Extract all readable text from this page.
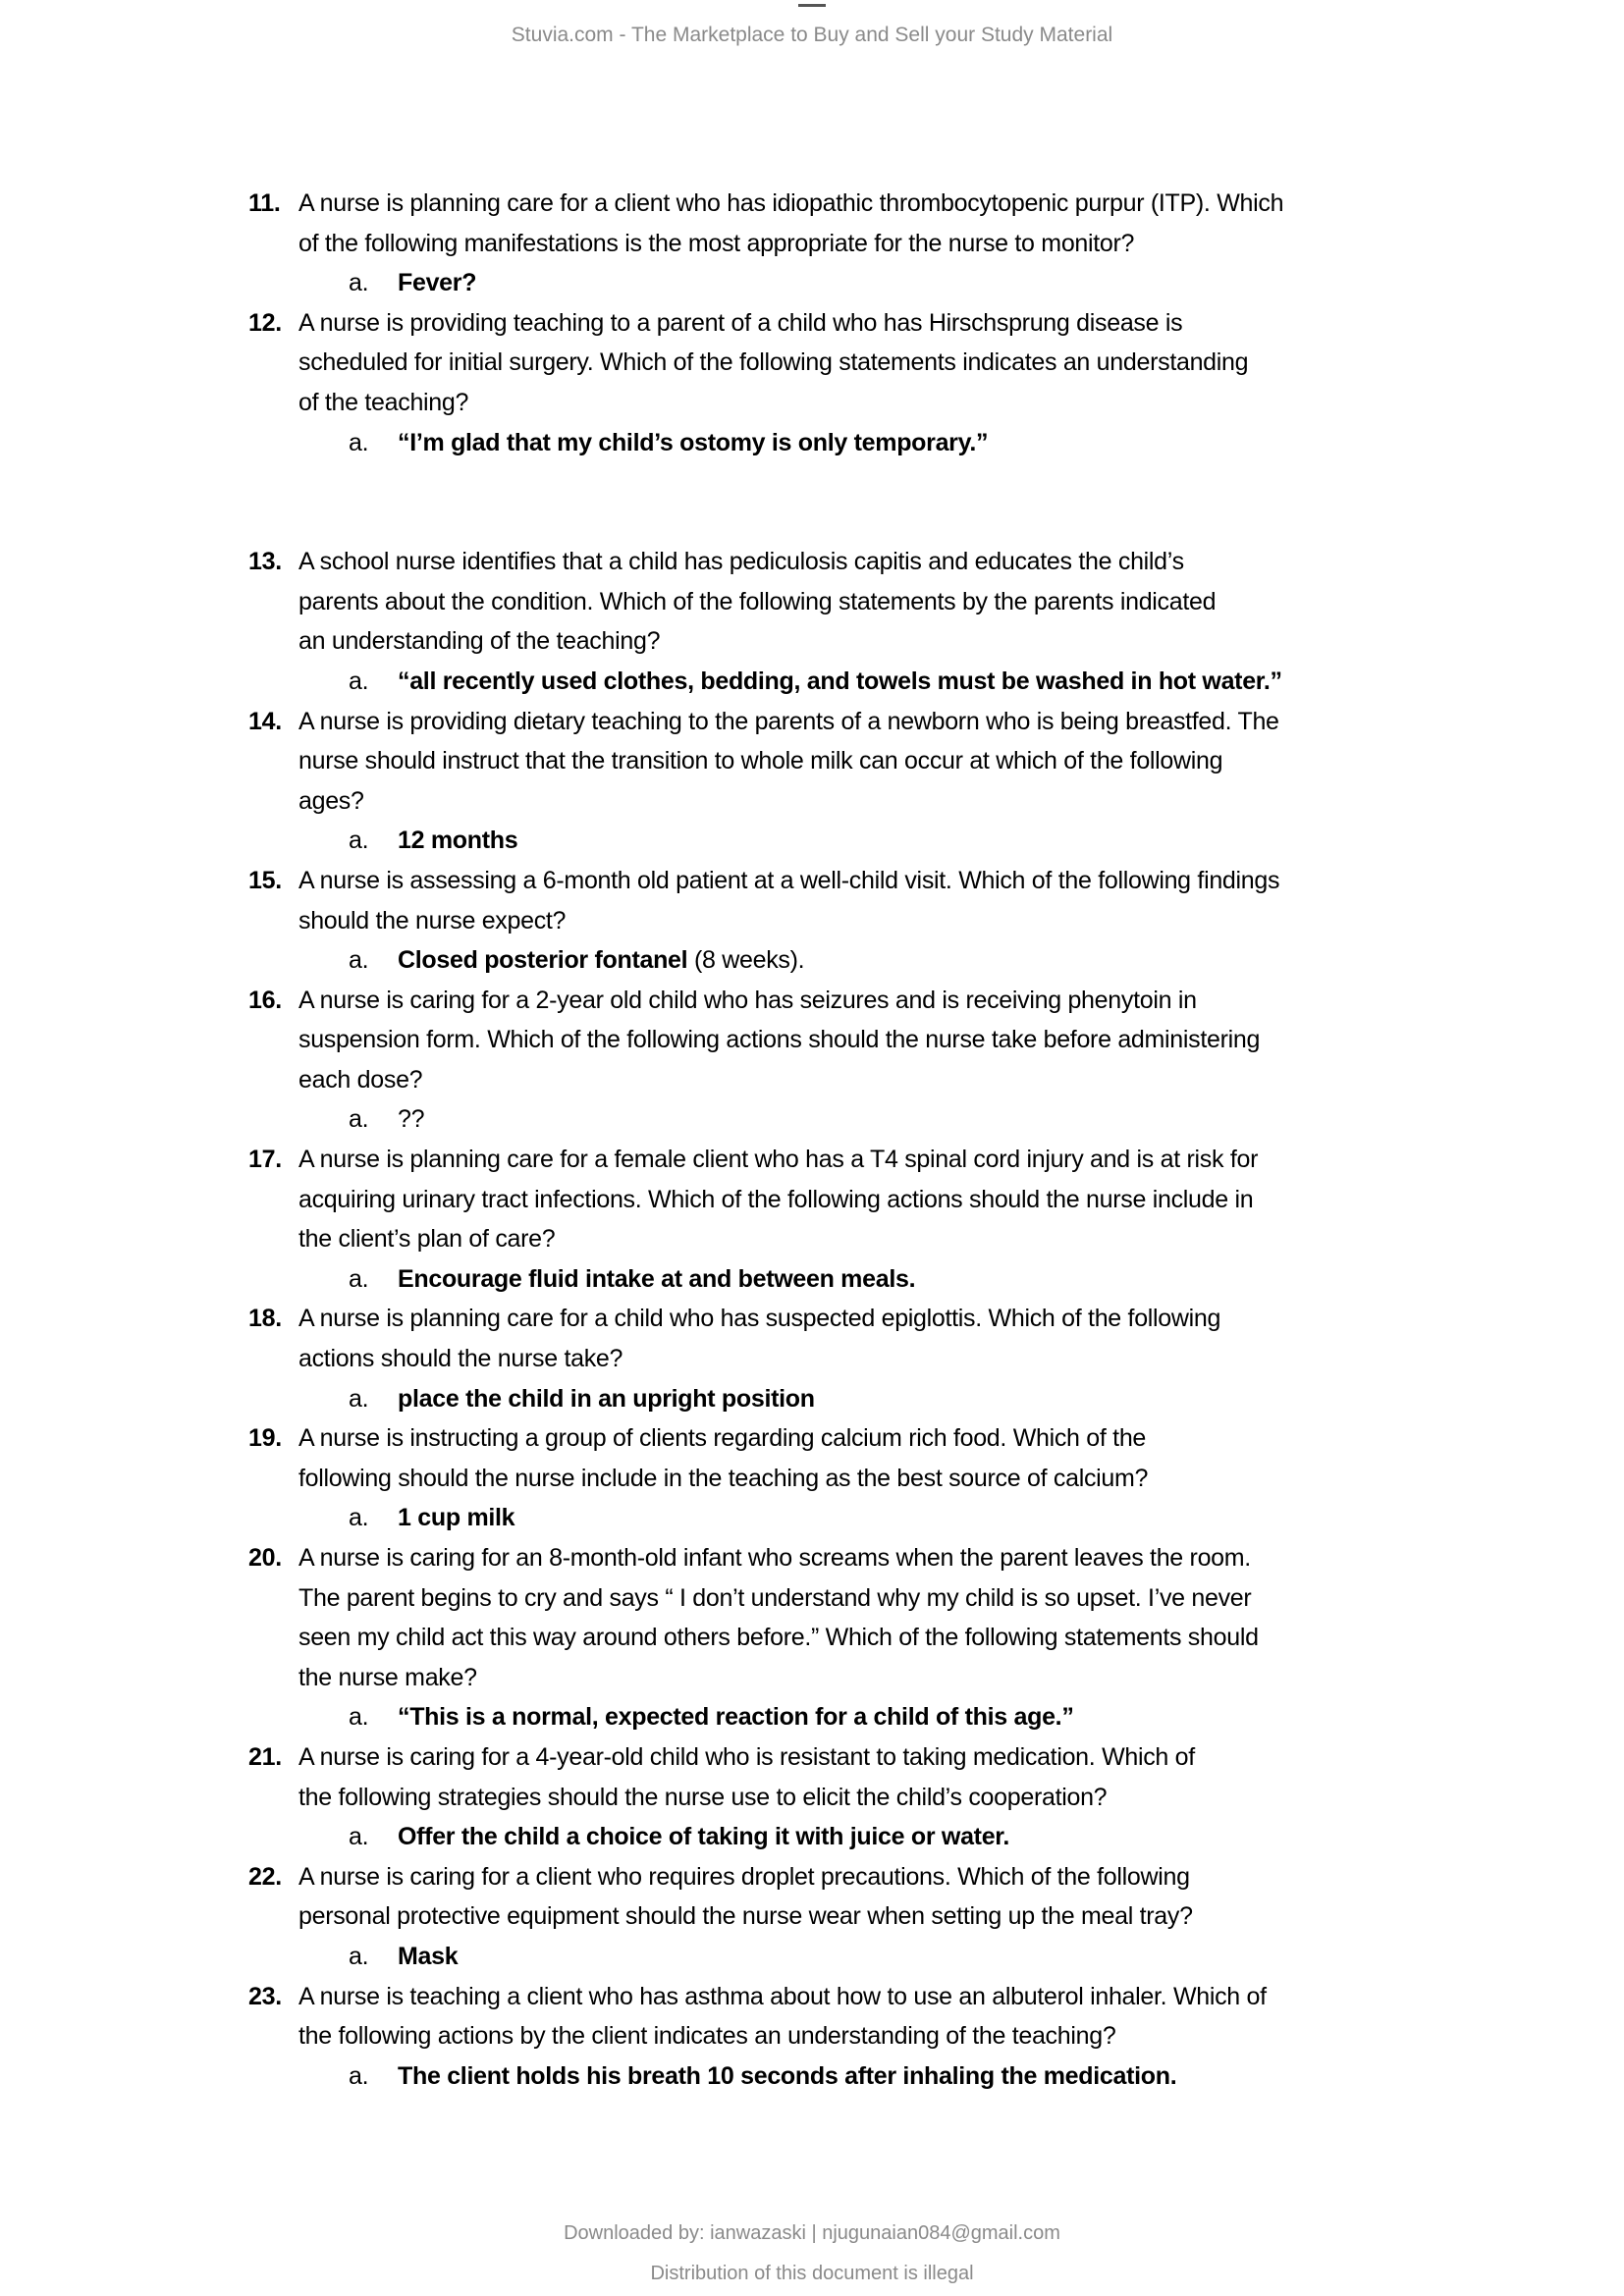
Stuvia.com - The Marketplace to Buy and Sell your Study Material
11. A nurse is planning care for a client who has idiopathic thrombocytopenic purpur (ITP). Which
of the following manifestations is the most appropriate for the nurse to monitor?
a. Fever?
12. A nurse is providing teaching to a parent of a child who has Hirschsprung disease is
scheduled for initial surgery. Which of the following statements indicates an understanding
of the teaching?
a. “I’m glad that my child’s ostomy is only temporary.”
13. A school nurse identifies that a child has pediculosis capitis and educates the child’s
parents about the condition. Which of the following statements by the parents indicated
an understanding of the teaching?
a. “all recently used clothes, bedding, and towels must be washed in hot water.”
14. A nurse is providing dietary teaching to the parents of a newborn who is being breastfed. The
nurse should instruct that the transition to whole milk can occur at which of the following
ages?
a. 12 months
15. A nurse is assessing a 6-month old patient at a well-child visit. Which of the following findings
should the nurse expect?
a. Closed posterior fontanel (8 weeks).
16. A nurse is caring for a 2-year old child who has seizures and is receiving phenytoin in
suspension form. Which of the following actions should the nurse take before administering
each dose?
a. ??
17. A nurse is planning care for a female client who has a T4 spinal cord injury and is at risk for
acquiring urinary tract infections. Which of the following actions should the nurse include in
the client’s plan of care?
a. Encourage fluid intake at and between meals.
18. A nurse is planning care for a child who has suspected epiglottis. Which of the following
actions should the nurse take?
a. place the child in an upright position
19. A nurse is instructing a group of clients regarding calcium rich food. Which of the
following should the nurse include in the teaching as the best source of calcium?
a. 1 cup milk
20. A nurse is caring for an 8-month-old infant who screams when the parent leaves the room.
The parent begins to cry and says “ I don’t understand why my child is so upset. I’ve never
seen my child act this way around others before.” Which of the following statements should
the nurse make?
a. “This is a normal, expected reaction for a child of this age.”
21. A nurse is caring for a 4-year-old child who is resistant to taking medication. Which of
the following strategies should the nurse use to elicit the child’s cooperation?
a. Offer the child a choice of taking it with juice or water.
22. A nurse is caring for a client who requires droplet precautions. Which of the following
personal protective equipment should the nurse wear when setting up the meal tray?
a. Mask
23. A nurse is teaching a client who has asthma about how to use an albuterol inhaler. Which of
the following actions by the client indicates an understanding of the teaching?
a. The client holds his breath 10 seconds after inhaling the medication.
Downloaded by: ianwazaski | njugunaian084@gmail.com
Distribution of this document is illegal
